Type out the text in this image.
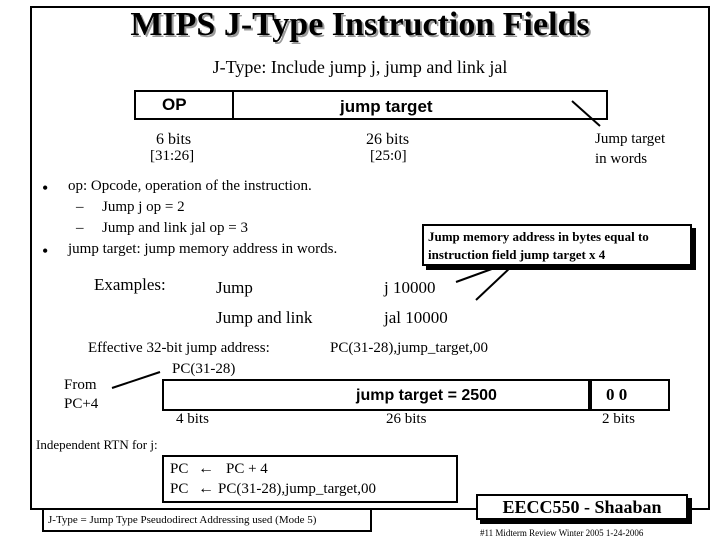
MIPS J-Type Instruction Fields
J-Type: Include jump j, jump and link jal
OP	jump target
6 bits
[31:26]
26 bits
[25:0]
Jump target
in words
• op: Opcode, operation of the instruction.
– Jump j op = 2
– Jump and link jal op = 3
• jump target: jump memory address in words.
Jump memory address in bytes equal to
instruction field jump target x 4
Examples:	Jump	j 10000
Jump and link	jal 10000
Effective 32-bit jump address:	PC(31-28),jump_target,00
From
PC+4	jump target = 2500
PC(31-28)
0 0
4 bits	26 bits	2 bits
Independent RTN for j:
PC ← PC + 4
PC ← PC(31-28),jump_target,00
J-Type = Jump Type Pseudodirect Addressing used (Mode 5)
EECC550 - Shaaban
#11 Midterm Review Winter 2005 1-24-2006
